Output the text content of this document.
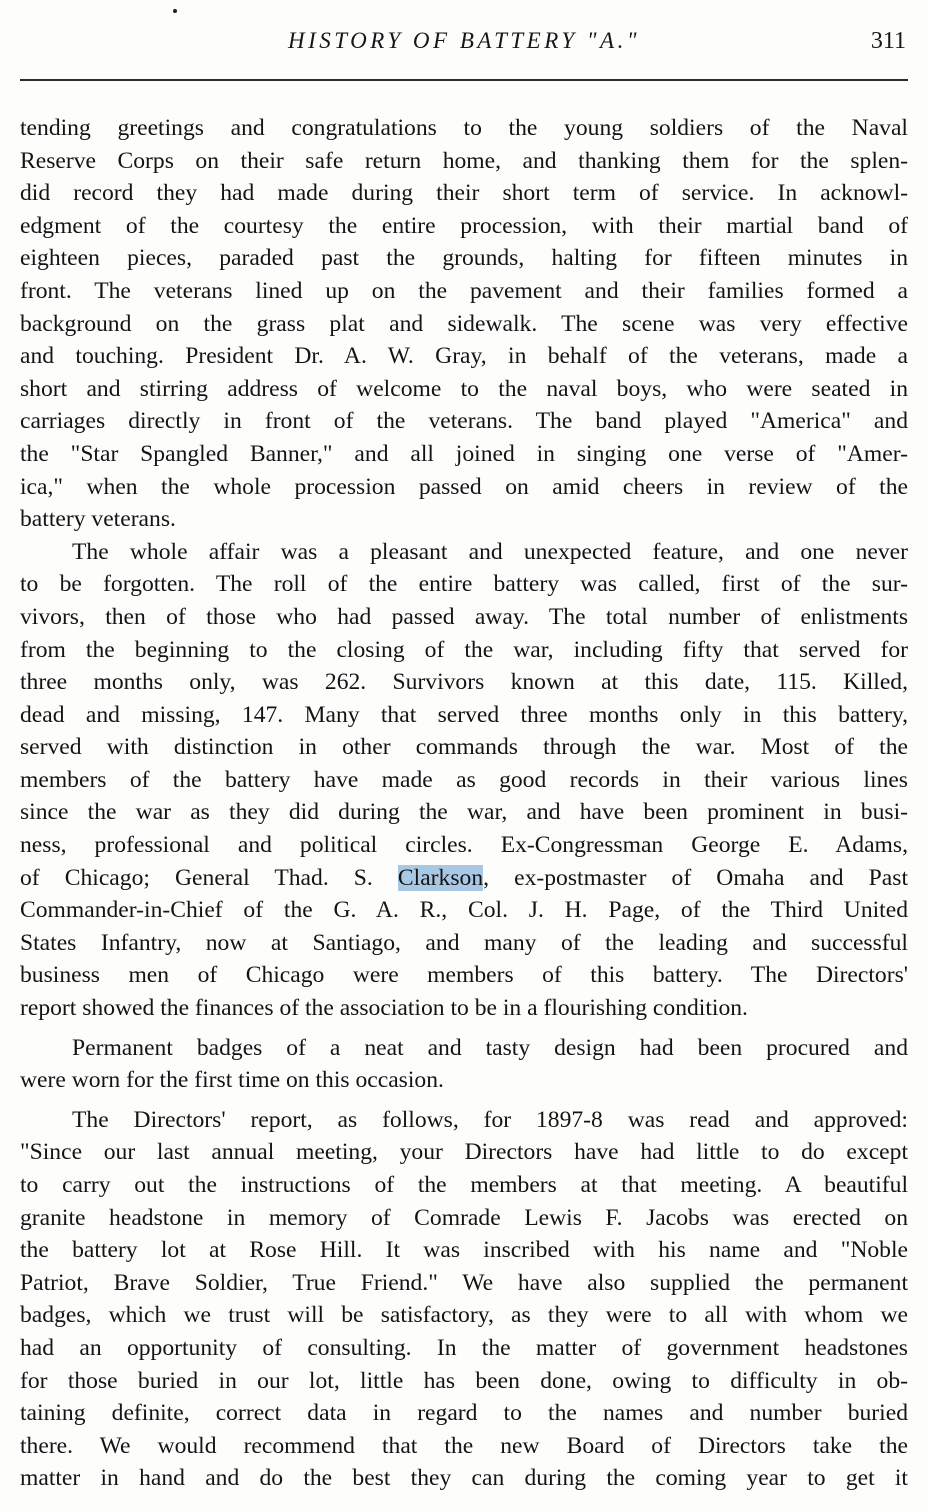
HISTORY OF BATTERY "A."	311
tending greetings and congratulations to the young soldiers of the Naval
Reserve Corps on their safe return home, and thanking them for the splen-
did record they had made during their short term of service. In acknowl-
edgment of the courtesy the entire procession, with their martial band of
eighteen pieces, paraded past the grounds, halting for fifteen minutes in
front. The veterans lined up on the pavement and their families formed a
background on the grass plat and sidewalk. The scene was very effective
and touching. President Dr. A. W. Gray, in behalf of the veterans, made a
short and stirring address of welcome to the naval boys, who were seated in
carriages directly in front of the veterans. The band played "America" and
the "Star Spangled Banner," and all joined in singing one verse of "Amer-
ica," when the whole procession passed on amid cheers in review of the
battery veterans.
The whole affair was a pleasant and unexpected feature, and one never
to be forgotten. The roll of the entire battery was called, first of the sur-
vivors, then of those who had passed away. The total number of enlistments
from the beginning to the closing of the war, including fifty that served for
three months only, was 262. Survivors known at this date, 115. Killed,
dead and missing, 147. Many that served three months only in this battery,
served with distinction in other commands through the war. Most of the
members of the battery have made as good records in their various lines
since the war as they did during the war, and have been prominent in busi-
ness, professional and political circles. Ex-Congressman George E. Adams,
of Chicago; General Thad. S. Clarkson, ex-postmaster of Omaha and Past
Commander-in-Chief of the G. A. R., Col. J. H. Page, of the Third United
States Infantry, now at Santiago, and many of the leading and successful
business men of Chicago were members of this battery. The Directors'
report showed the finances of the association to be in a flourishing condition.
Permanent badges of a neat and tasty design had been procured and
were worn for the first time on this occasion.
The Directors' report, as follows, for 1897-8 was read and approved:
"Since our last annual meeting, your Directors have had little to do except
to carry out the instructions of the members at that meeting. A beautiful
granite headstone in memory of Comrade Lewis F. Jacobs was erected on
the battery lot at Rose Hill. It was inscribed with his name and "Noble
Patriot, Brave Soldier, True Friend." We have also supplied the permanent
badges, which we trust will be satisfactory, as they were to all with whom we
had an opportunity of consulting. In the matter of government headstones
for those buried in our lot, little has been done, owing to difficulty in ob-
taining definite, correct data in regard to the names and number buried
there. We would recommend that the new Board of Directors take the
matter in hand and do the best they can during the coming year to get it
